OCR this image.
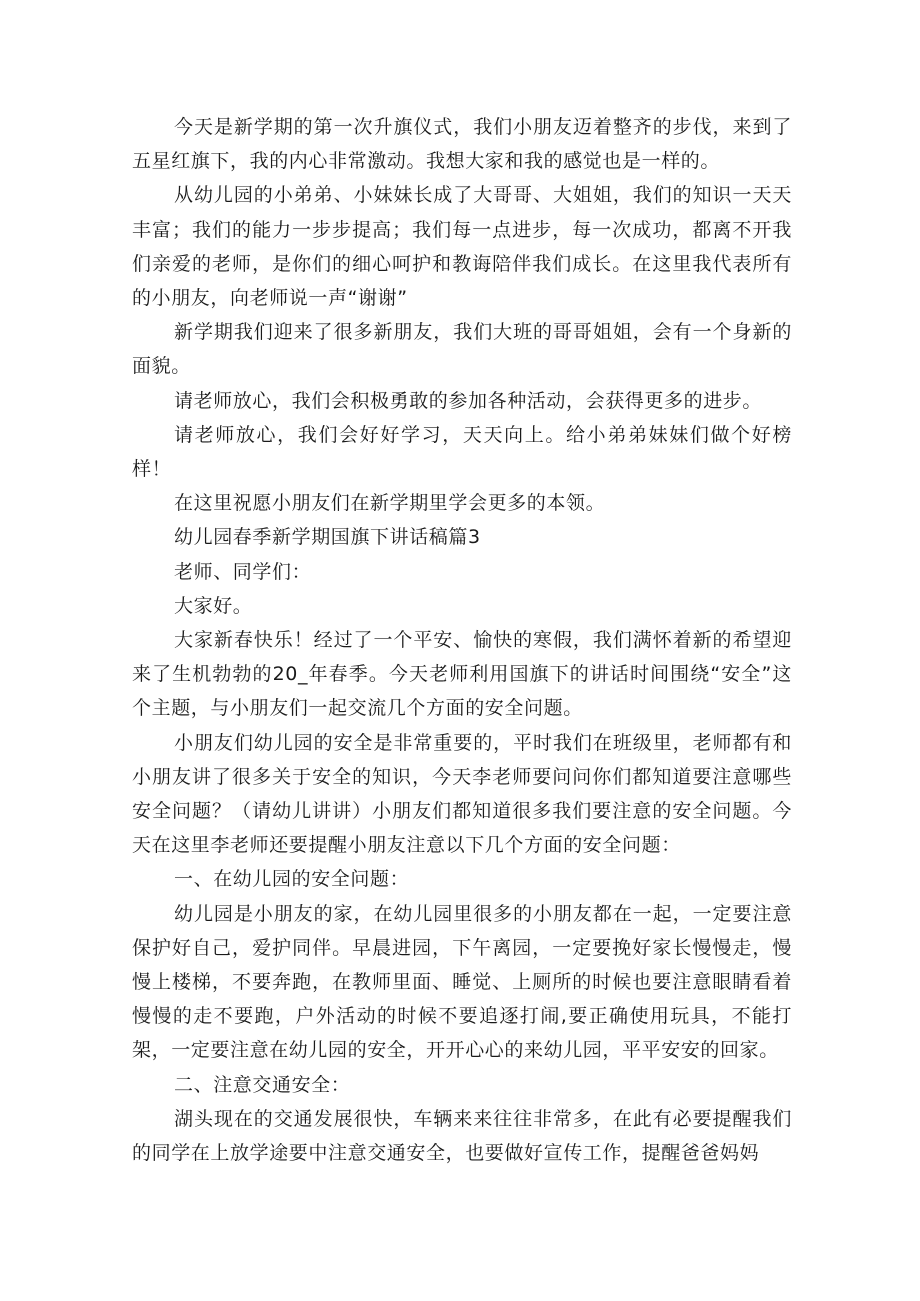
今天是新学期的第一次升旗仪式，我们小朋友迈着整齐的步伐，来到了五星红旗下，我的内心非常激动。我想大家和我的感觉也是一样的。

从幼儿园的小弟弟、小妹妹长成了大哥哥、大姐姐，我们的知识一天天丰富；我们的能力一步步提高；我们每一点进步，每一次成功，都离不开我们亲爱的老师，是你们的细心呵护和教诲陪伴我们成长。在这里我代表所有的小朋友，向老师说一声“谢谢”

新学期我们迎来了很多新朋友，我们大班的哥哥姐姐，会有一个身新的面貌。

请老师放心，我们会积极勇敢的参加各种活动，会获得更多的进步。

请老师放心，我们会好好学习，天天向上。给小弟弟妹妹们做个好榜样！

在这里祝愿小朋友们在新学期里学会更多的本领。

幼儿园春季新学期国旗下讲话稿篇3

老师、同学们：

大家好。

大家新春快乐！经过了一个平安、愉快的寒假，我们满怀着新的希望迎来了生机勃勃的20_年春季。今天老师利用国旗下的讲话时间围绕“安全”这个主题，与小朋友们一起交流几个方面的安全问题。

小朋友们幼儿园的安全是非常重要的，平时我们在班级里，老师都有和小朋友讲了很多关于安全的知识，今天李老师要问问你们都知道要注意哪些安全问题？（请幼儿讲讲）小朋友们都知道很多我们要注意的安全问题。今天在这里李老师还要提醒小朋友注意以下几个方面的安全问题：

一、在幼儿园的安全问题：

幼儿园是小朋友的家，在幼儿园里很多的小朋友都在一起，一定要注意保护好自己，爱护同伴。早晨进园，下午离园，一定要挽好家长慢慢走，慢慢上楼梯，不要奔跑，在教师里面、睡觉、上厕所的时候也要注意眼睛看着慢慢的走不要跑，户外活动的时候不要追逐打闹,要正确使用玩具，不能打架，一定要注意在幼儿园的安全，开开心心的来幼儿园，平平安安的回家。

二、注意交通安全：

湖头现在的交通发展很快，车辆来来往往非常多，在此有必要提醒我们的同学在上放学途要中注意交通安全，也要做好宣传工作，提醒爸爸妈妈
